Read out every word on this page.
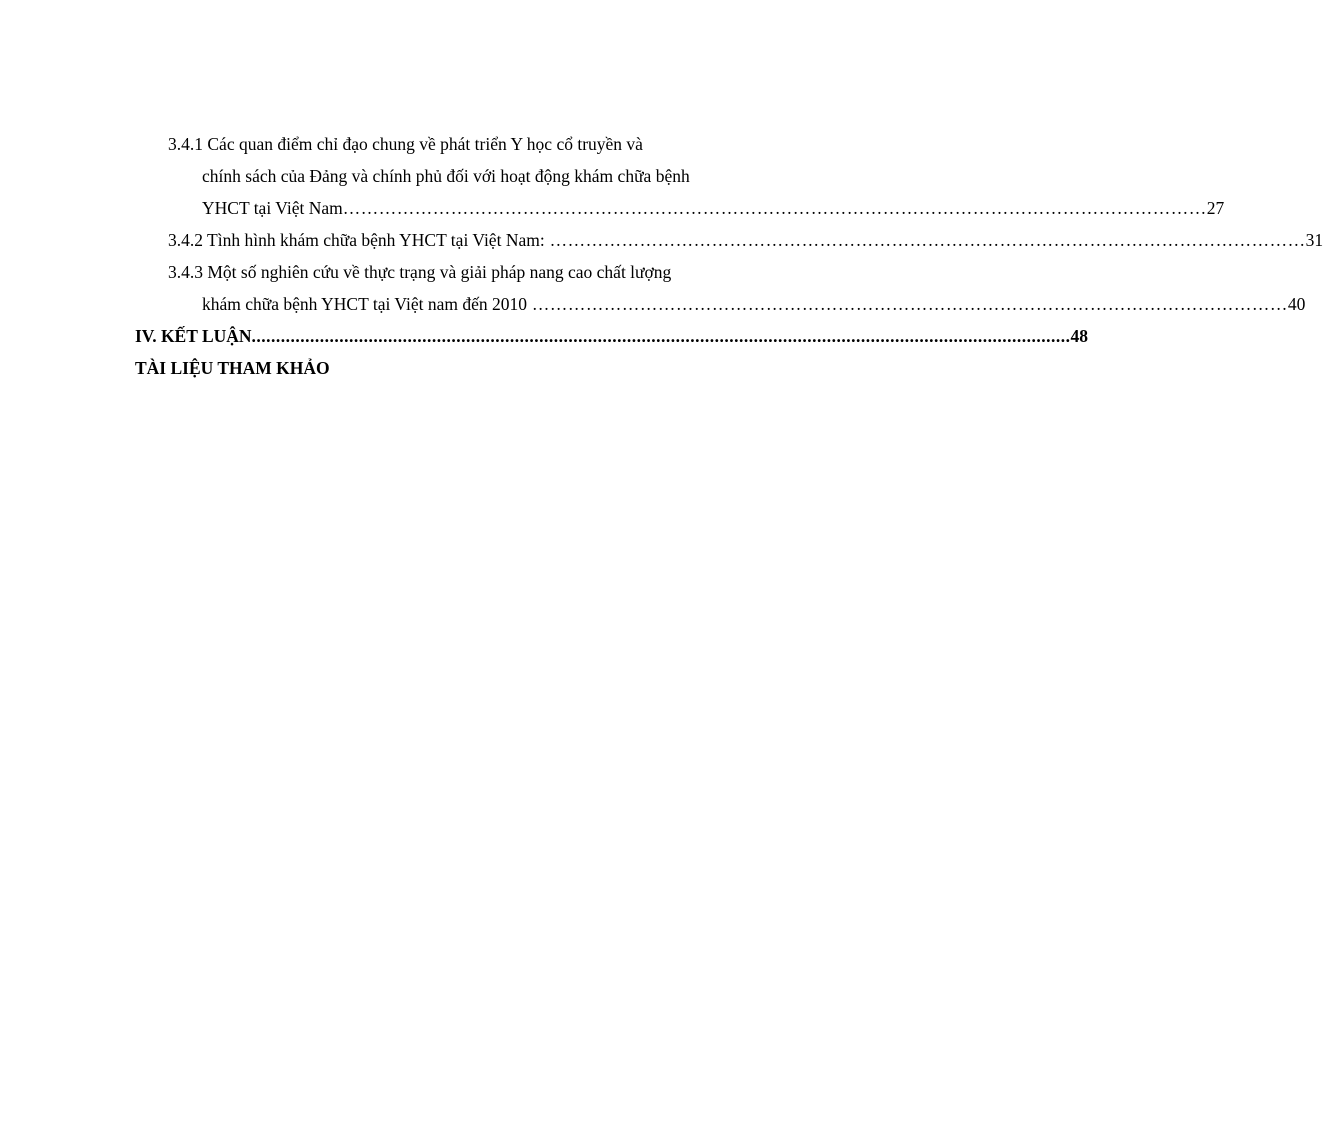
3.4.1 Các quan điểm chỉ đạo chung về phát triển Y học cổ truyền và
chính sách của Đảng và chính phủ đối với hoạt động khám chữa bệnh
YHCT tại Việt Nam ……………………………………………………………………………………………………………………………… 27
3.4.2 Tình hình khám chữa bệnh YHCT tại Việt Nam: ……………………………………………………………………………………………………………… 31
3.4.3 Một số nghiên cứu về thực trạng và giải pháp nang cao chất lượng
khám chữa bệnh YHCT tại Việt nam đến 2010 ……………………………………………………………………………………………………………… 40
IV. KẾT LUẬN ........................................................................................................................................................................ 48
TÀI LIỆU THAM KHẢO
